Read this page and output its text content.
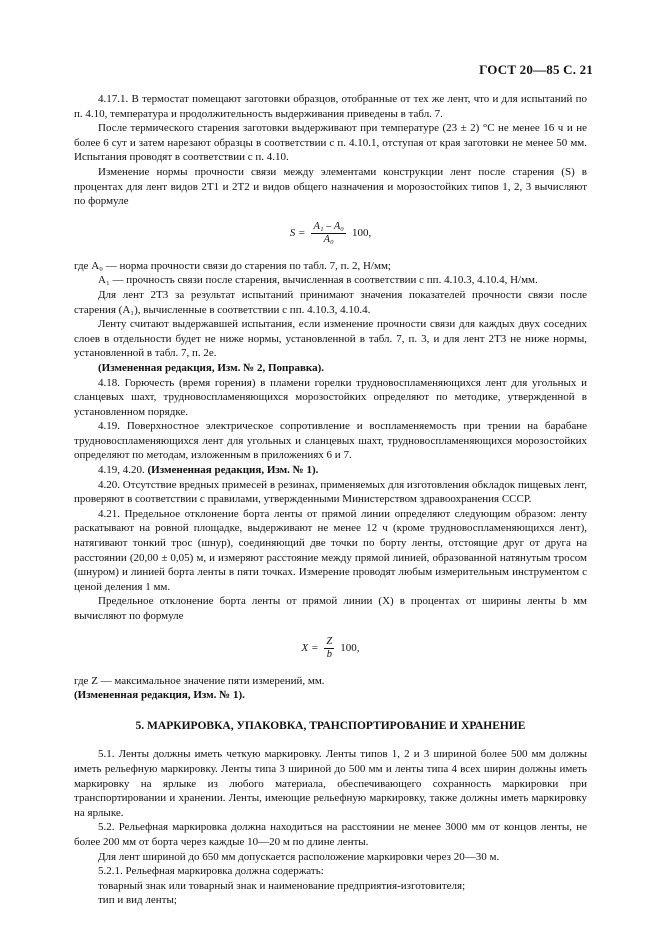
ГОСТ 20—85 С. 21

4.17.1. В термостат помещают заготовки образцов, отобранные от тех же лент, что и для испытаний по п. 4.10, температура и продолжительность выдерживания приведены в табл. 7.

После термического старения заготовки выдерживают при температуре (23 ± 2) °С не менее 16 ч и не более 6 сут и затем нарезают образцы в соответствии с п. 4.10.1, отступая от края заготовки не менее 50 мм. Испытания проводят в соответствии с п. 4.10.

Изменение нормы прочности связи между элементами конструкции лент после старения (S) в процентах для лент видов 2Т1 и 2Т2 и видов общего назначения и морозостойких типов 1, 2, 3 вычисляют по формуле

$S = \frac{\text{A₁ – A₀}}{\text{A₀}} 100$,

где A₀ — норма прочности связи до старения по табл. 7, п. 2, Н/мм;

A₁ — прочность связи после старения, вычисленная в соответствии с пп. 4.10.3, 4.10.4, Н/мм.

Для лент 2Т3 за результат испытаний принимают значения показателей прочности связи после старения (A₁), вычисленные в соответствии с пп. 4.10.3, 4.10.4.

Ленту считают выдержавшей испытания, если изменение прочности связи для каждых двух соседних слоев в отдельности будет не ниже нормы, установленной в табл. 7, п. 3, и для лент 2Т3 не ниже нормы, установленной в табл. 7, п. 2е.

(Измененная редакция, Изм. № 2, Поправка).

4.18. Горючесть (время горения) в пламени горелки трудновоспламеняющихся лент для угольных и сланцевых шахт, трудновоспламеняющихся морозостойких определяют по методике, утвержденной в установленном порядке.

4.19. Поверхностное электрическое сопротивление и воспламеняемость при трении на барабане трудновоспламеняющихся лент для угольных и сланцевых шахт, трудновоспламеняющихся морозостойких определяют по методам, изложенным в приложениях 6 и 7.

4.19, 4.20. (Измененная редакция, Изм. № 1).

4.20. Отсутствие вредных примесей в резинах, применяемых для изготовления обкладок пищевых лент, проверяют в соответствии с правилами, утвержденными Министерством здравоохранения СССР.

4.21. Предельное отклонение борта ленты от прямой линии определяют следующим образом: ленту раскатывают на ровной площадке, выдерживают не менее 12 ч (кроме трудновоспламеняющихся лент), натягивают тонкий трос (шнур), соединяющий две точки по борту ленты, отстоящие друг от друга на расстоянии (20,00 ± 0,05) м, и измеряют расстояние между прямой линией, образованной натянутым тросом (шнуром) и линией борта ленты в пяти точках. Измерение проводят любым измерительным инструментом с ценой деления 1 мм.

Предельное отклонение борта ленты от прямой линии (X) в процентах от ширины ленты b мм вычисляют по формуле

$X = \frac{Z}{b} 100$,

где Z — максимальное значение пяти измерений, мм.

(Измененная редакция, Изм. № 1).

5. МАРКИРОВКА, УПАКОВКА, ТРАНСПОРТИРОВАНИЕ И ХРАНЕНИЕ

5.1. Ленты должны иметь четкую маркировку. Ленты типов 1, 2 и 3 шириной более 500 мм должны иметь рельефную маркировку. Ленты типа 3 шириной до 500 мм и ленты типа 4 всех ширин должны иметь маркировку на ярлыке из любого материала, обеспечивающего сохранность маркировки при транспортировании и хранении. Ленты, имеющие рельефную маркировку, также должны иметь маркировку на ярлыке.

5.2. Рельефная маркировка должна находиться на расстоянии не менее 3000 мм от концов ленты, не более 200 мм от борта через каждые 10—20 м по длине ленты.

Для лент шириной до 650 мм допускается расположение маркировки через 20—30 м.

5.2.1. Рельефная маркировка должна содержать:

товарный знак или товарный знак и наименование предприятия-изготовителя;

тип и вид ленты;
